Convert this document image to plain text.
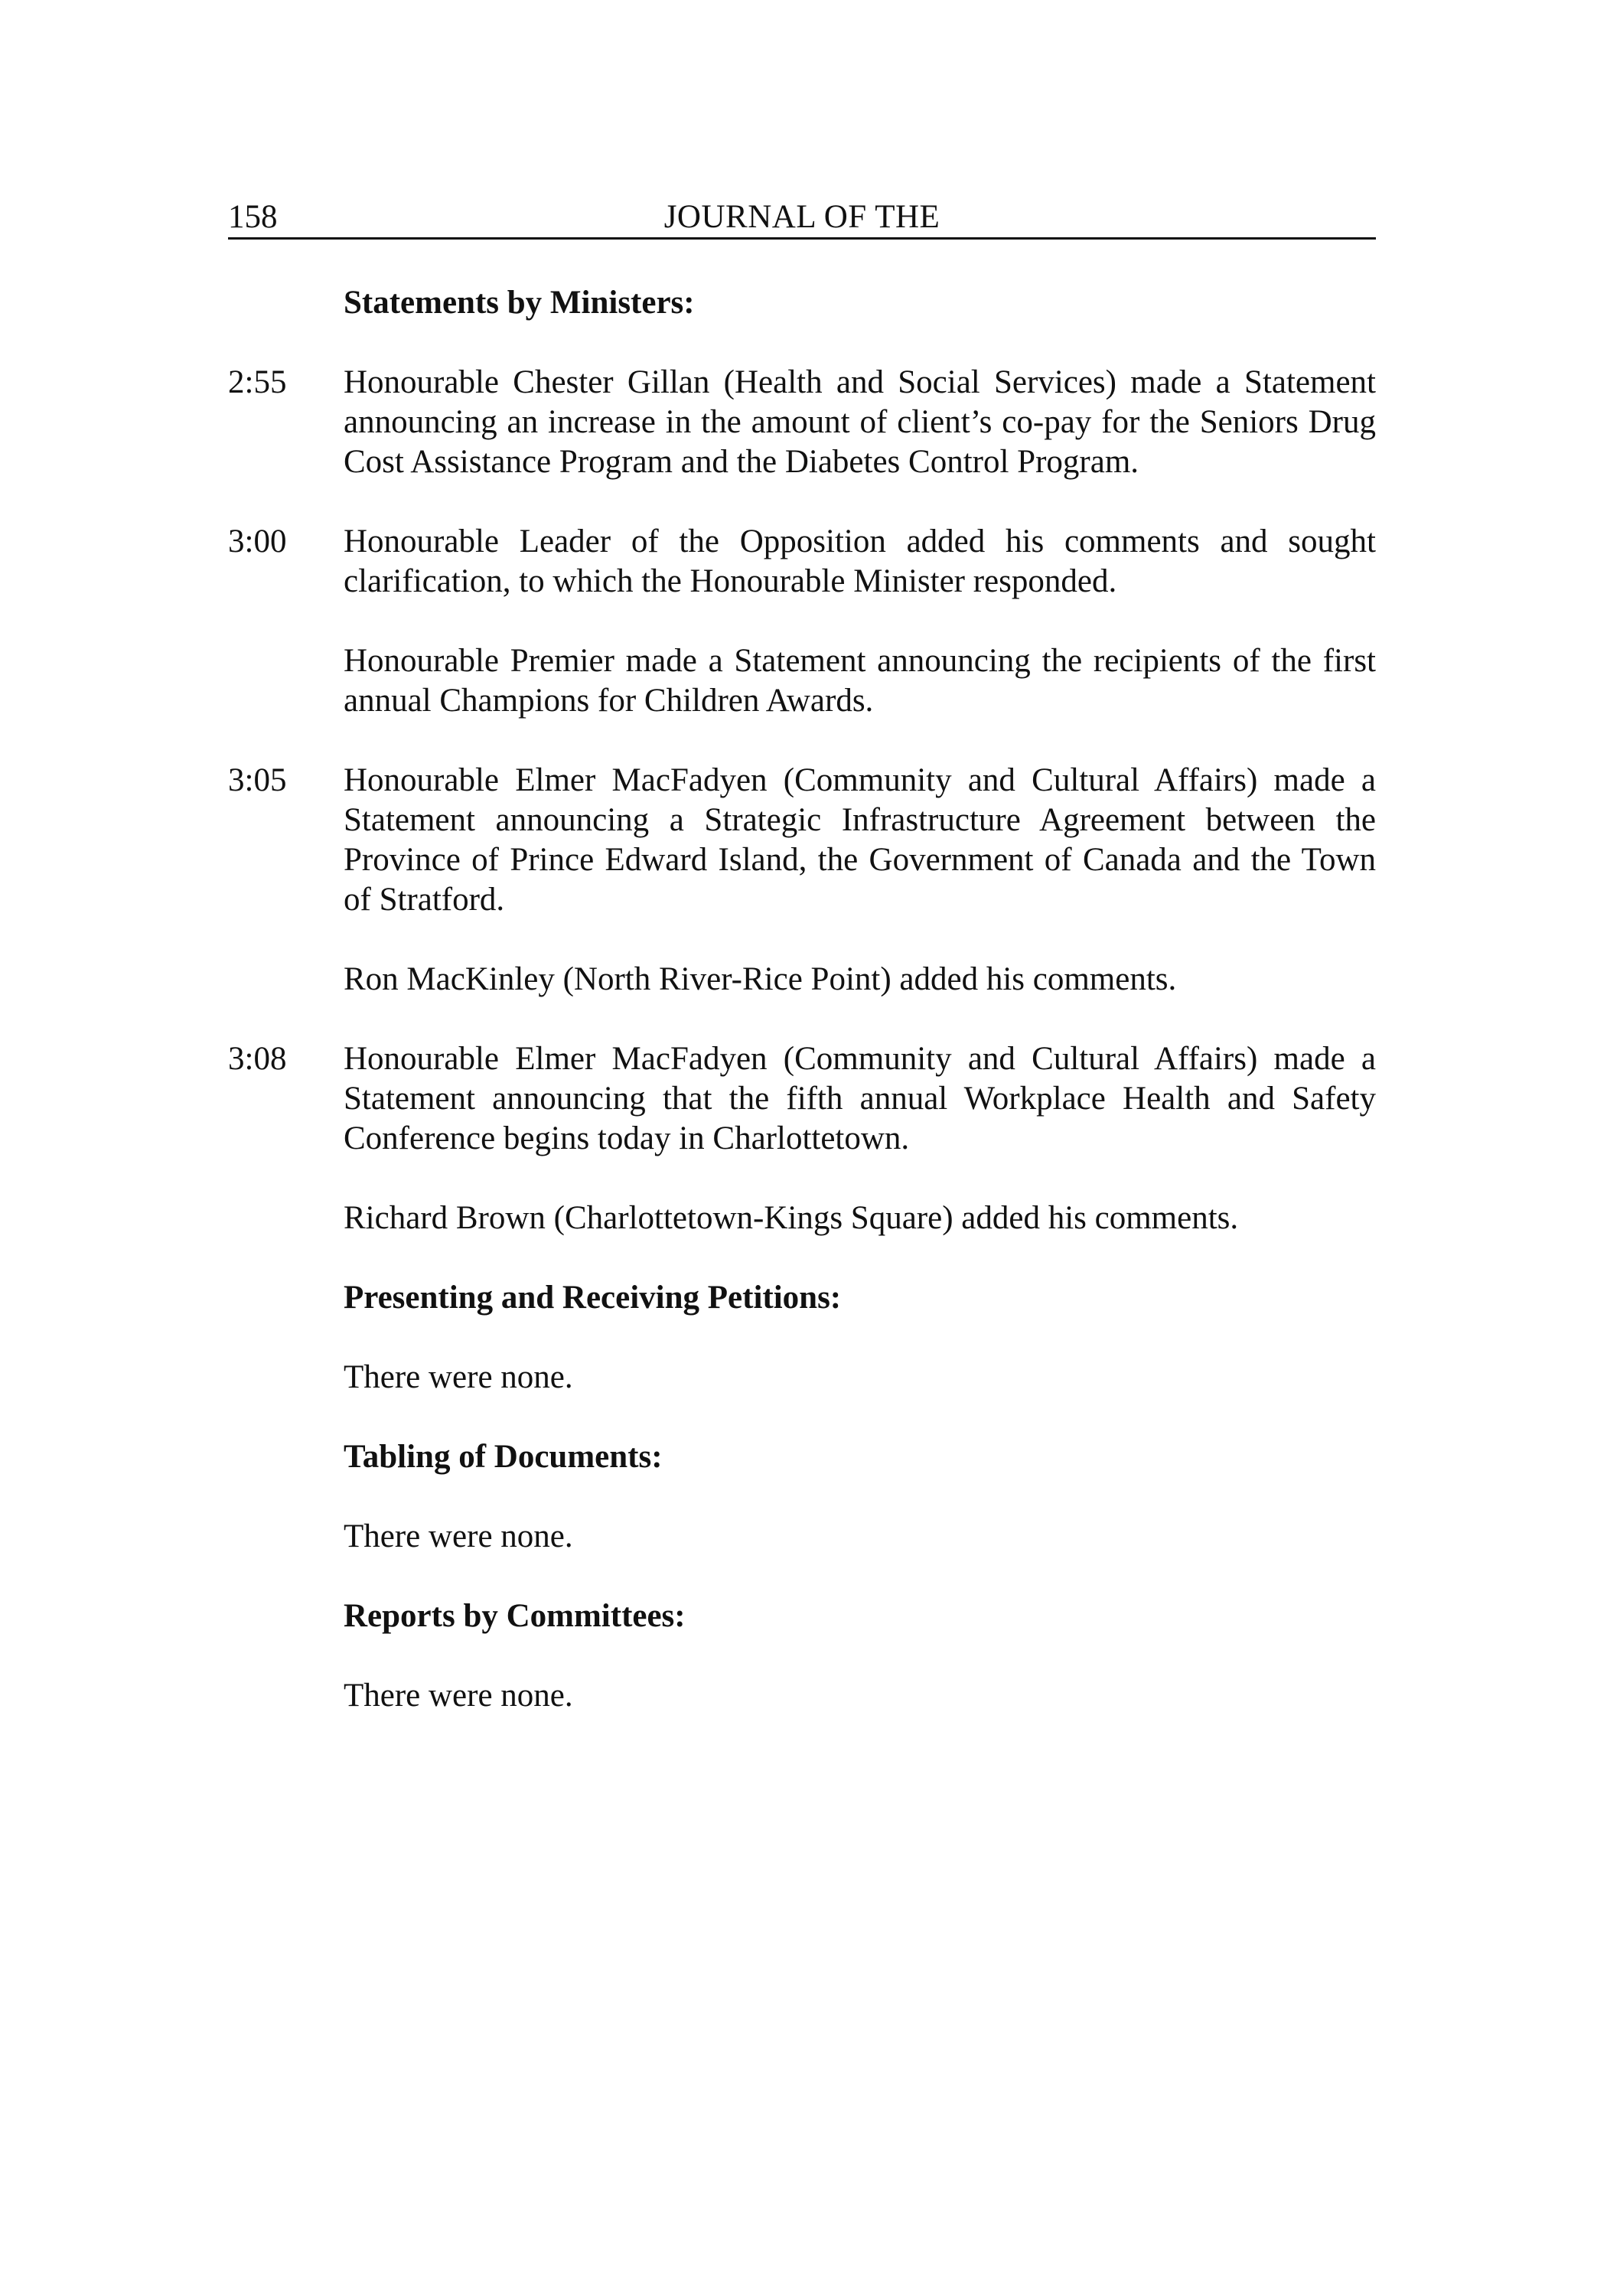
158	JOURNAL OF THE
Statements by Ministers:
2:55	Honourable Chester Gillan (Health and Social Services) made a Statement announcing an increase in the amount of client’s co-pay for the Seniors Drug Cost Assistance Program and the Diabetes Control Program.
3:00	Honourable Leader of the Opposition added his comments and sought clarification, to which the Honourable Minister responded.
Honourable Premier made a Statement announcing the recipients of the first annual Champions for Children Awards.
3:05	Honourable Elmer MacFadyen (Community and Cultural Affairs) made a Statement announcing a Strategic Infrastructure Agreement between the Province of Prince Edward Island, the Government of Canada and the Town of Stratford.
Ron MacKinley (North River-Rice Point) added his comments.
3:08	Honourable Elmer MacFadyen (Community and Cultural Affairs) made a Statement announcing that the fifth annual Workplace Health and Safety Conference begins today in Charlottetown.
Richard Brown (Charlottetown-Kings Square) added his comments.
Presenting and Receiving Petitions:
There were none.
Tabling of Documents:
There were none.
Reports by Committees:
There were none.
